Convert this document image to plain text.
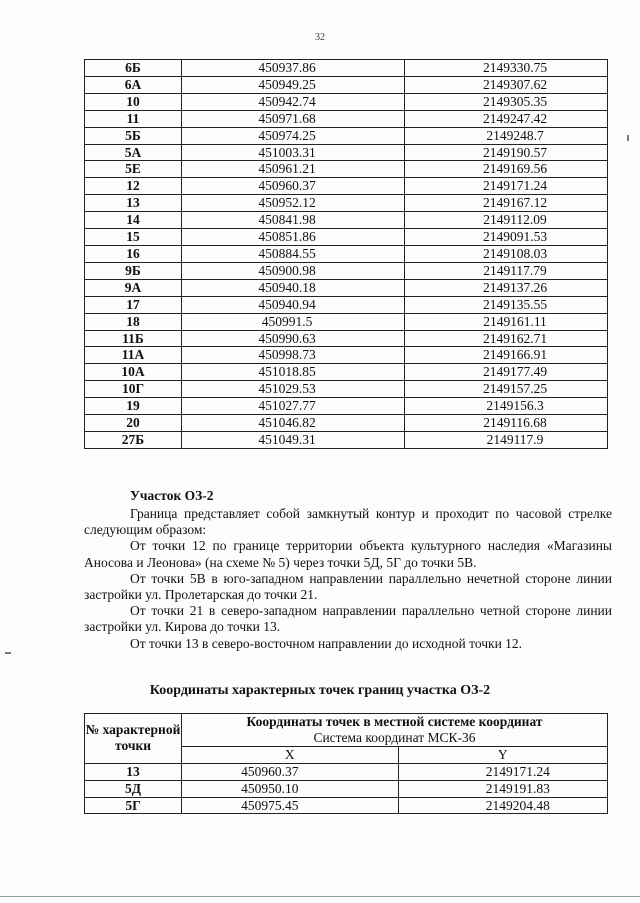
32
6Б	450937.86	2149330.75
6А	450949.25	2149307.62
10	450942.74	2149305.35
11	450971.68	2149247.42
5Б	450974.25	2149248.7
5А	451003.31	2149190.57
5Е	450961.21	2149169.56
12	450960.37	2149171.24
13	450952.12	2149167.12
14	450841.98	2149112.09
15	450851.86	2149091.53
16	450884.55	2149108.03
9Б	450900.98	2149117.79
9А	450940.18	2149137.26
17	450940.94	2149135.55
18	450991.5	2149161.11
11Б	450990.63	2149162.71
11А	450998.73	2149166.91
10А	451018.85	2149177.49
10Г	451029.53	2149157.25
19	451027.77	2149156.3
20	451046.82	2149116.68
27Б	451049.31	2149117.9
Участок ОЗ-2

Граница представляет собой замкнутый контур и проходит по часовой стрелке следующим образом:

От точки 12 по границе территории объекта культурного наследия «Магазины Аносова и Леонова» (на схеме № 5) через точки 5Д, 5Г до точки 5В.

От точки 5В в юго-западном направлении параллельно нечетной стороне линии застройки ул. Пролетарская до точки 21.

От точки 21 в северо-западном направлении параллельно четной стороне линии застройки ул. Кирова до точки 13.

От точки 13 в северо-восточном направлении до исходной точки 12.

Координаты характерных точек границ участка ОЗ-2
№ характерной точки	Координаты точек в местной системе координат
Система координат МСК-36	

	X	Y
13	450960.37	2149171.24
5Д	450950.10	2149191.83
5Г	450975.45	2149204.48
